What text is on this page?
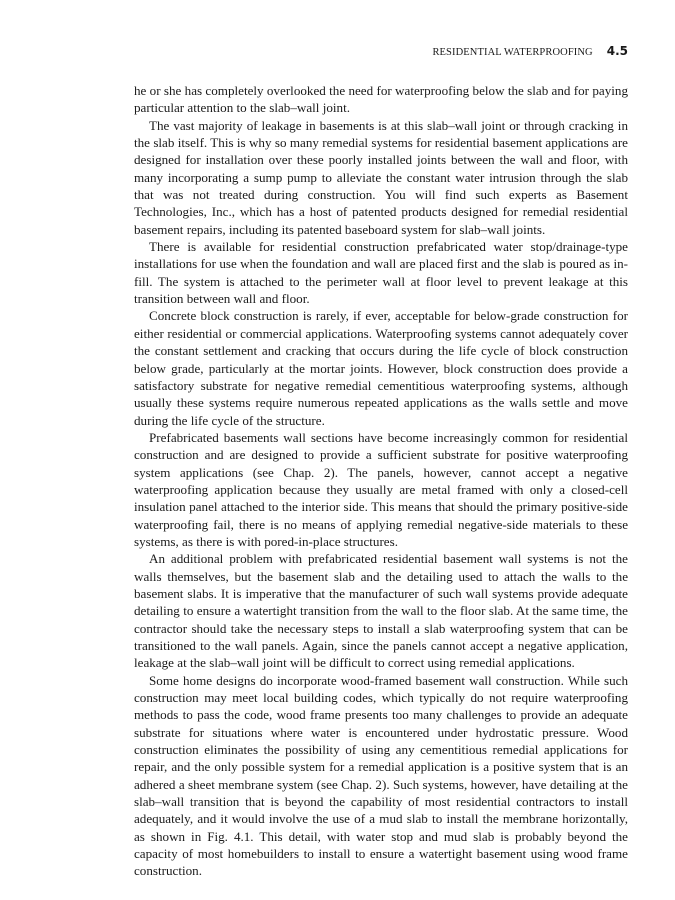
RESIDENTIAL WATERPROOFING 4.5

he or she has completely overlooked the need for waterproofing below the slab and for paying particular attention to the slab–wall joint.

The vast majority of leakage in basements is at this slab–wall joint or through cracking in the slab itself. This is why so many remedial systems for residential basement applications are designed for installation over these poorly installed joints between the wall and floor, with many incorporating a sump pump to alleviate the constant water intrusion through the slab that was not treated during construction. You will find such experts as Basement Technologies, Inc., which has a host of patented products designed for remedial residential basement repairs, including its patented baseboard system for slab–wall joints.

There is available for residential construction prefabricated water stop/drainage-type installations for use when the foundation and wall are placed first and the slab is poured as in-fill. The system is attached to the perimeter wall at floor level to prevent leakage at this transition between wall and floor.

Concrete block construction is rarely, if ever, acceptable for below-grade construction for either residential or commercial applications. Waterproofing systems cannot adequately cover the constant settlement and cracking that occurs during the life cycle of block construction below grade, particularly at the mortar joints. However, block construction does provide a satisfactory substrate for negative remedial cementitious waterproofing systems, although usually these systems require numerous repeated applications as the walls settle and move during the life cycle of the structure.

Prefabricated basements wall sections have become increasingly common for residential construction and are designed to provide a sufficient substrate for positive waterproofing system applications (see Chap. 2). The panels, however, cannot accept a negative waterproofing application because they usually are metal framed with only a closed-cell insulation panel attached to the interior side. This means that should the primary positive-side waterproofing fail, there is no means of applying remedial negative-side materials to these systems, as there is with pored-in-place structures.

An additional problem with prefabricated residential basement wall systems is not the walls themselves, but the basement slab and the detailing used to attach the walls to the basement slabs. It is imperative that the manufacturer of such wall systems provide adequate detailing to ensure a watertight transition from the wall to the floor slab. At the same time, the contractor should take the necessary steps to install a slab waterproofing system that can be transitioned to the wall panels. Again, since the panels cannot accept a negative application, leakage at the slab–wall joint will be difficult to correct using remedial applications.

Some home designs do incorporate wood-framed basement wall construction. While such construction may meet local building codes, which typically do not require waterproofing methods to pass the code, wood frame presents too many challenges to provide an adequate substrate for situations where water is encountered under hydrostatic pressure. Wood construction eliminates the possibility of using any cementitious remedial applications for repair, and the only possible system for a remedial application is a positive system that is an adhered a sheet membrane system (see Chap. 2). Such systems, however, have detailing at the slab–wall transition that is beyond the capability of most residential contractors to install adequately, and it would involve the use of a mud slab to install the membrane horizontally, as shown in Fig. 4.1. This detail, with water stop and mud slab is probably beyond the capacity of most homebuilders to install to ensure a watertight basement using wood frame construction.
